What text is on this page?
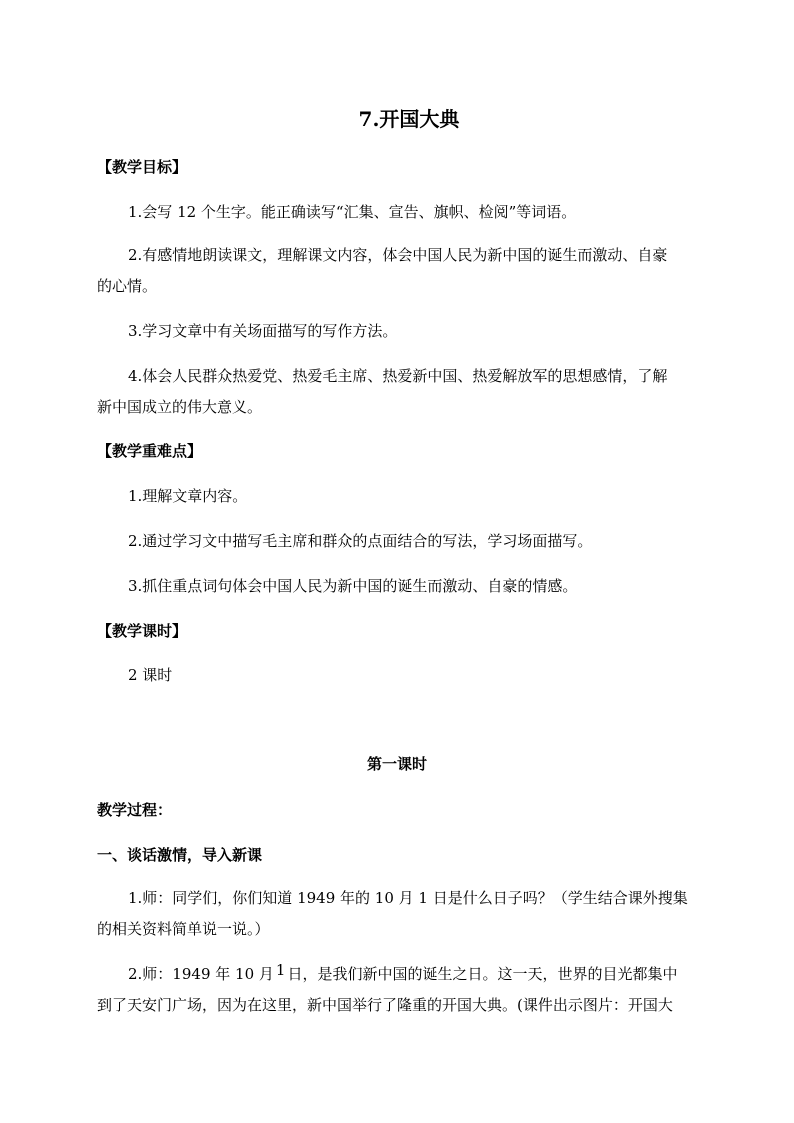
7.开国大典
【教学目标】
1.会写 12 个生字。能正确读写“汇集、宣告、旗帜、检阅”等词语。
2.有感情地朗读课文，理解课文内容，体会中国人民为新中国的诞生而激动、自豪
的心情。
3.学习文章中有关场面描写的写作方法。
4.体会人民群众热爱党、热爱毛主席、热爱新中国、热爱解放军的思想感情，了解
新中国成立的伟大意义。
【教学重难点】
1.理解文章内容。
2.通过学习文中描写毛主席和群众的点面结合的写法，学习场面描写。
3.抓住重点词句体会中国人民为新中国的诞生而激动、自豪的情感。
【教学课时】
2 课时
第一课时
教学过程：
一、谈话激情，导入新课
1.师：同学们，你们知道 1949 年的 10 月 1 日是什么日子吗？（学生结合课外搜集
的相关资料简单说一说。）
2.师：1949 年 10 月 1 日，是我们新中国的诞生之日。这一天，世界的目光都集中
到了天安门广场，因为在这里，新中国举行了隆重的开国大典。(课件出示图片：开国大
